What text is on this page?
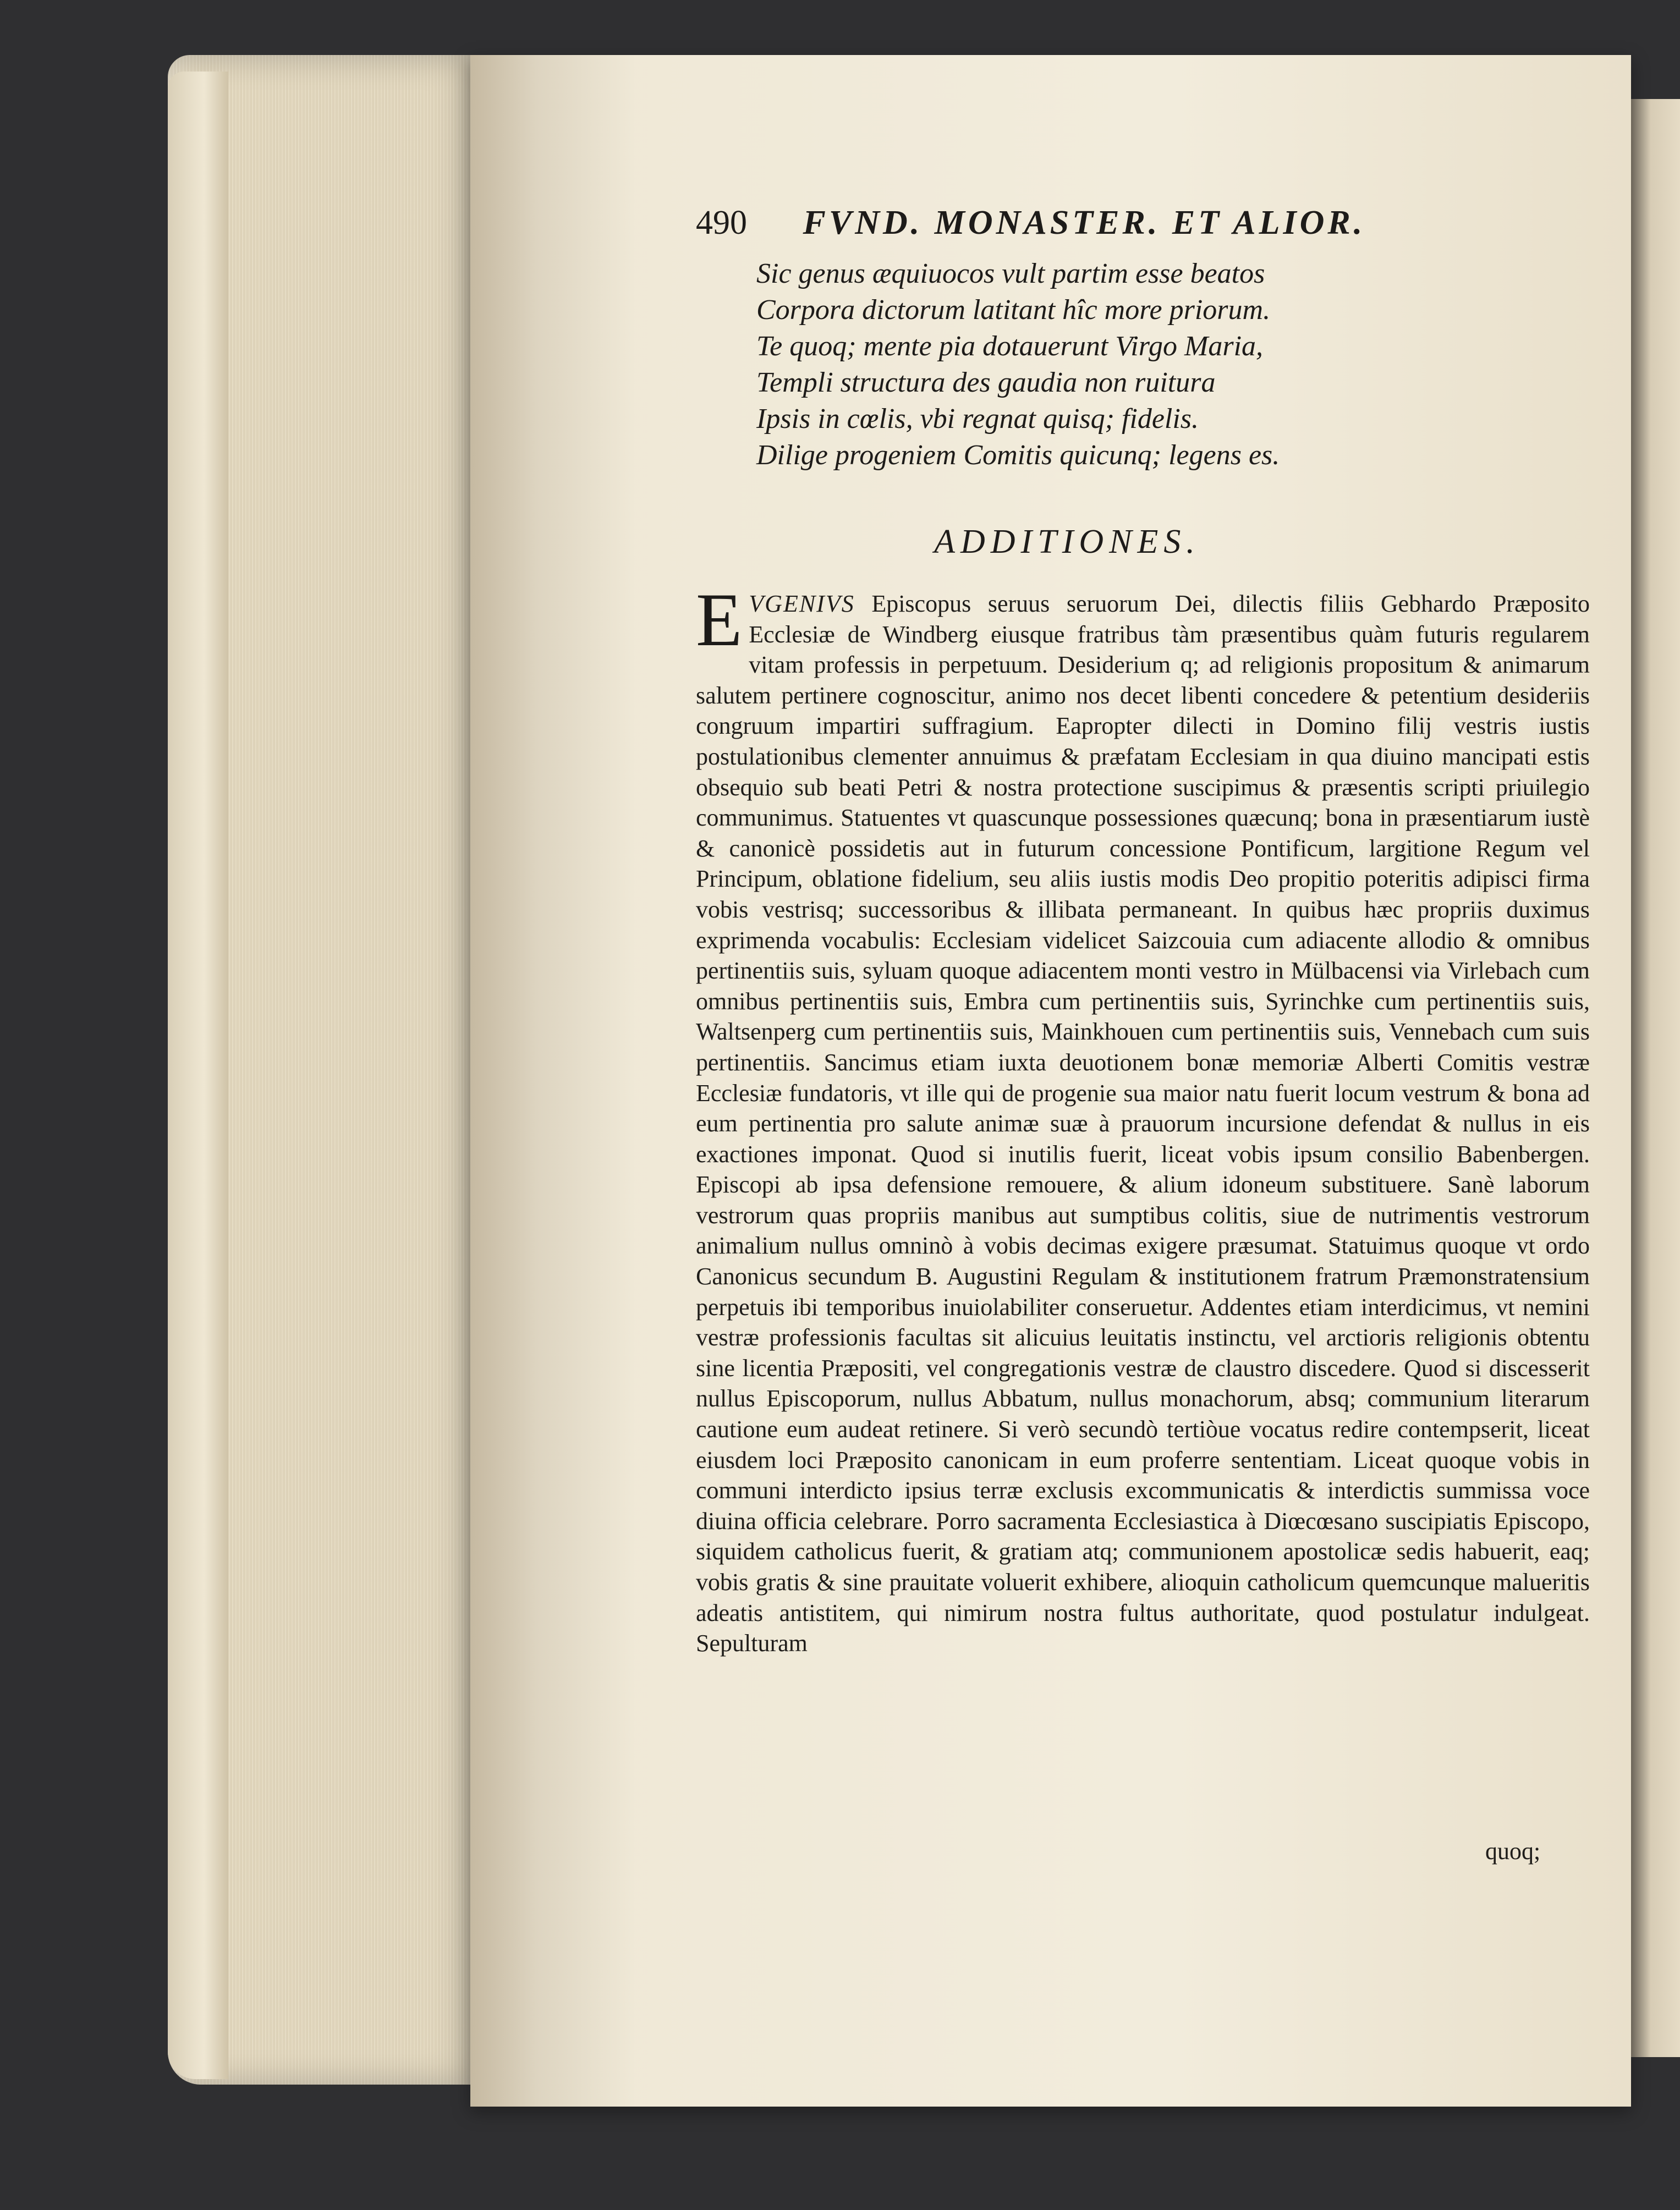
490 FVND. MONASTER. ET ALIOR.
Sic genus æquiuocos vult partim esse beatos
Corpora dictorum latitant hîc more priorum.
Te quoq; mente pia dotauerunt Virgo Maria,
Templi structura des gaudia non ruitura
Ipsis in cœlis, vbi regnat quisq; fidelis.
Dilige progeniem Comitis quicunq; legens es.
ADDITIONES.
E VGENIVS Episcopus seruus seruorum Dei, dilectis filiis Gebhardo Præposito Ecclesiæ de Windberg eiusque fratribus tàm præsentibus quàm futuris regularem vitam professis in perpetuum. Desiderium q; ad religionis propositum & animarum salutem pertinere cognoscitur, animo nos decet libenti concedere & petentium desideriis congruum impartiri suffragium. Eapropter dilecti in Domino filij vestris iustis postulationibus clementer annuimus & præfatam Ecclesiam in qua diuino mancipati estis obsequio sub beati Petri & nostra protectione suscipimus & præsentis scripti priuilegio communimus. Statuentes vt quascunque possessiones quæcunq; bona in præsentiarum iustè & canonicè possidetis aut in futurum concessione Pontificum, largitione Regum vel Principum, oblatione fidelium, seu aliis iustis modis Deo propitio poteritis adipisci firma vobis vestrisq; successoribus & illibata permaneant. In quibus hæc propriis duximus exprimenda vocabulis: Ecclesiam videlicet Saizcouia cum adiacente allodio & omnibus pertinentiis suis, syluam quoque adiacentem monti vestro in Mülbacensi via Virlebach cum omnibus pertinentiis suis, Embra cum pertinentiis suis, Syrinchke cum pertinentiis suis, Waltsenperg cum pertinentiis suis, Mainkhouen cum pertinentiis suis, Vennebach cum suis pertinentiis. Sancimus etiam iuxta deuotionem bonæ memoriæ Alberti Comitis vestræ Ecclesiæ fundatoris, vt ille qui de progenie sua maior natu fuerit locum vestrum & bona ad eum pertinentia pro salute animæ suæ à prauorum incursione defendat & nullus in eis exactiones imponat. Quod si inutilis fuerit, liceat vobis ipsum consilio Babenbergen. Episcopi ab ipsa defensione remouere, & alium idoneum substituere. Sanè laborum vestrorum quas propriis manibus aut sumptibus colitis, siue de nutrimentis vestrorum animalium nullus omninò à vobis decimas exigere præsumat. Statuimus quoque vt ordo Canonicus secundum B. Augustini Regulam & institutionem fratrum Præmonstratensium perpetuis ibi temporibus inuiolabiliter conseruetur. Addentes etiam interdicimus, vt nemini vestræ professionis facultas sit alicuius leuitatis instinctu, vel arctioris religionis obtentu sine licentia Præpositi, vel congregationis vestræ de claustro discedere. Quod si discesserit nullus Episcoporum, nullus Abbatum, nullus monachorum, absq; communium literarum cautione eum audeat retinere. Si verò secundò tertiòue vocatus redire contempserit, liceat eiusdem loci Præposito canonicam in eum proferre sententiam. Liceat quoque vobis in communi interdicto ipsius terræ exclusis excommunicatis & interdictis summissa voce diuina officia celebrare. Porro sacramenta Ecclesiastica à Diœcœsano suscipiatis Episcopo, siquidem catholicus fuerit, & gratiam atq; communionem apostolicæ sedis habuerit, eaq; vobis gratis & sine prauitate voluerit exhibere, alioquin catholicum quemcunque malueritis adeatis antistitem, qui nimirum nostra fultus authoritate, quod postulatur indulgeat. Sepulturam
quoq;
